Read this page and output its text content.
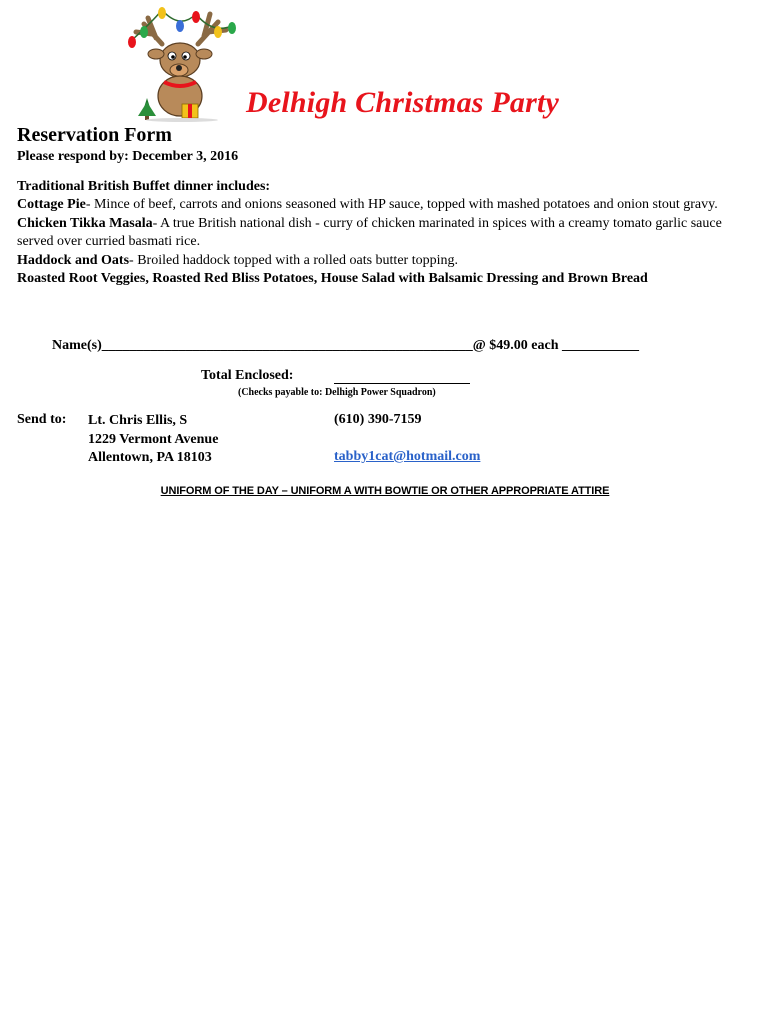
Delhigh Christmas Party
Reservation Form
Please respond by: December 3, 2016
Traditional British Buffet dinner includes:
Cottage Pie- Mince of beef, carrots and onions seasoned with HP sauce, topped with mashed potatoes and onion stout gravy.
Chicken Tikka Masala- A true British national dish - curry of chicken marinated in spices with a creamy tomato garlic sauce served over curried basmati rice.
Haddock and Oats- Broiled haddock topped with a rolled oats butter topping.
Roasted Root Veggies, Roasted Red Bliss Potatoes, House Salad with Balsamic Dressing and Brown Bread
Name(s)_____________________________________________________@ $49.00 each ___________
Total Enclosed:
(Checks payable to: Delhigh Power Squadron)
Send to: Lt. Chris Ellis, S
1229 Vermont Avenue
Allentown, PA 18103
(610) 390-7159
tabby1cat@hotmail.com
UNIFORM OF THE DAY – UNIFORM A WITH BOWTIE OR OTHER APPROPRIATE ATTIRE
